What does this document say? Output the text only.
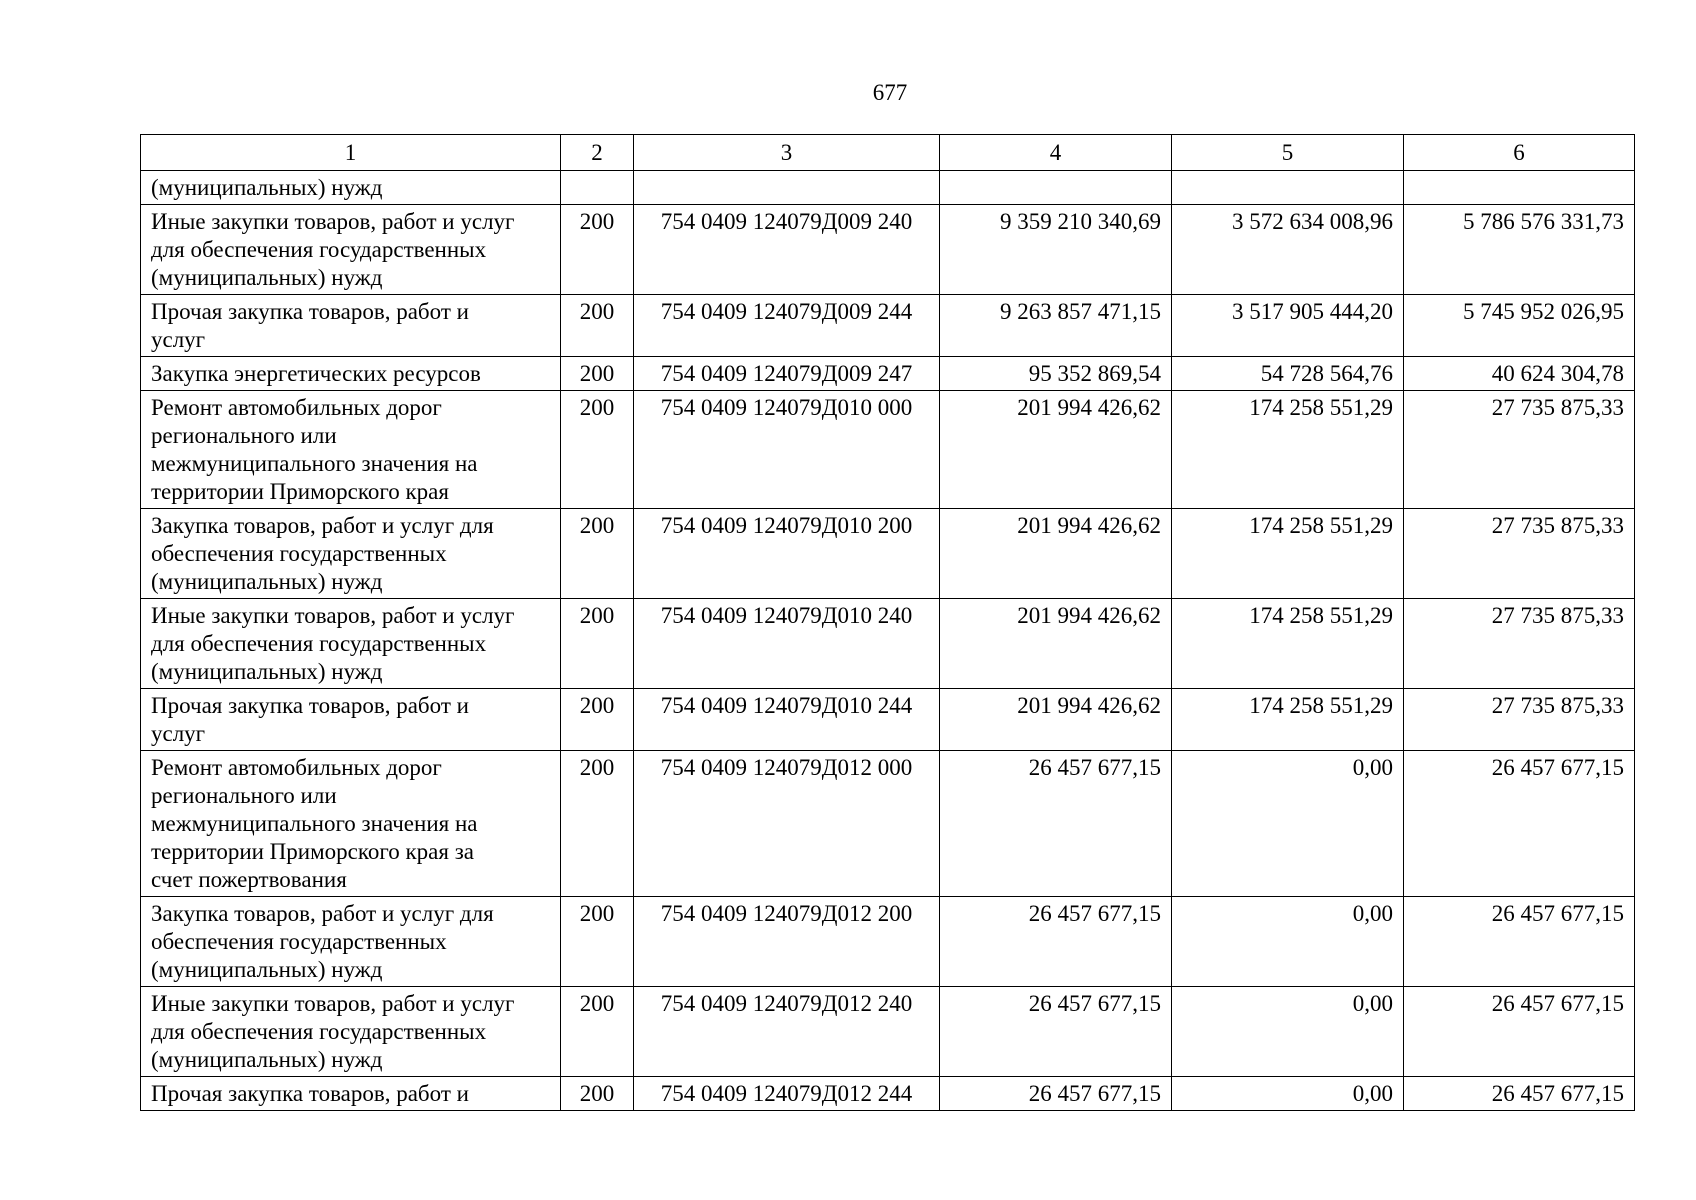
677
1	2	3	4	5	6
(муниципальных) нужд					
Иные закупки товаров, работ и услуг
для обеспечения государственных
(муниципальных) нужд	200	754 0409 124079Д009 240	9 359 210 340,69	3 572 634 008,96	5 786 576 331,73
Прочая закупка товаров, работ и
услуг	200	754 0409 124079Д009 244	9 263 857 471,15	3 517 905 444,20	5 745 952 026,95
Закупка энергетических ресурсов	200	754 0409 124079Д009 247	95 352 869,54	54 728 564,76	40 624 304,78
Ремонт автомобильных дорог
регионального или
межмуниципального значения на
территории Приморского края	200	754 0409 124079Д010 000	201 994 426,62	174 258 551,29	27 735 875,33
Закупка товаров, работ и услуг для
обеспечения государственных
(муниципальных) нужд	200	754 0409 124079Д010 200	201 994 426,62	174 258 551,29	27 735 875,33
Иные закупки товаров, работ и услуг
для обеспечения государственных
(муниципальных) нужд	200	754 0409 124079Д010 240	201 994 426,62	174 258 551,29	27 735 875,33
Прочая закупка товаров, работ и
услуг	200	754 0409 124079Д010 244	201 994 426,62	174 258 551,29	27 735 875,33
Ремонт автомобильных дорог
регионального или
межмуниципального значения на
территории Приморского края за
счет пожертвования	200	754 0409 124079Д012 000	26 457 677,15	0,00	26 457 677,15
Закупка товаров, работ и услуг для
обеспечения государственных
(муниципальных) нужд	200	754 0409 124079Д012 200	26 457 677,15	0,00	26 457 677,15
Иные закупки товаров, работ и услуг
для обеспечения государственных
(муниципальных) нужд	200	754 0409 124079Д012 240	26 457 677,15	0,00	26 457 677,15
Прочая закупка товаров, работ и	200	754 0409 124079Д012 244	26 457 677,15	0,00	26 457 677,15
